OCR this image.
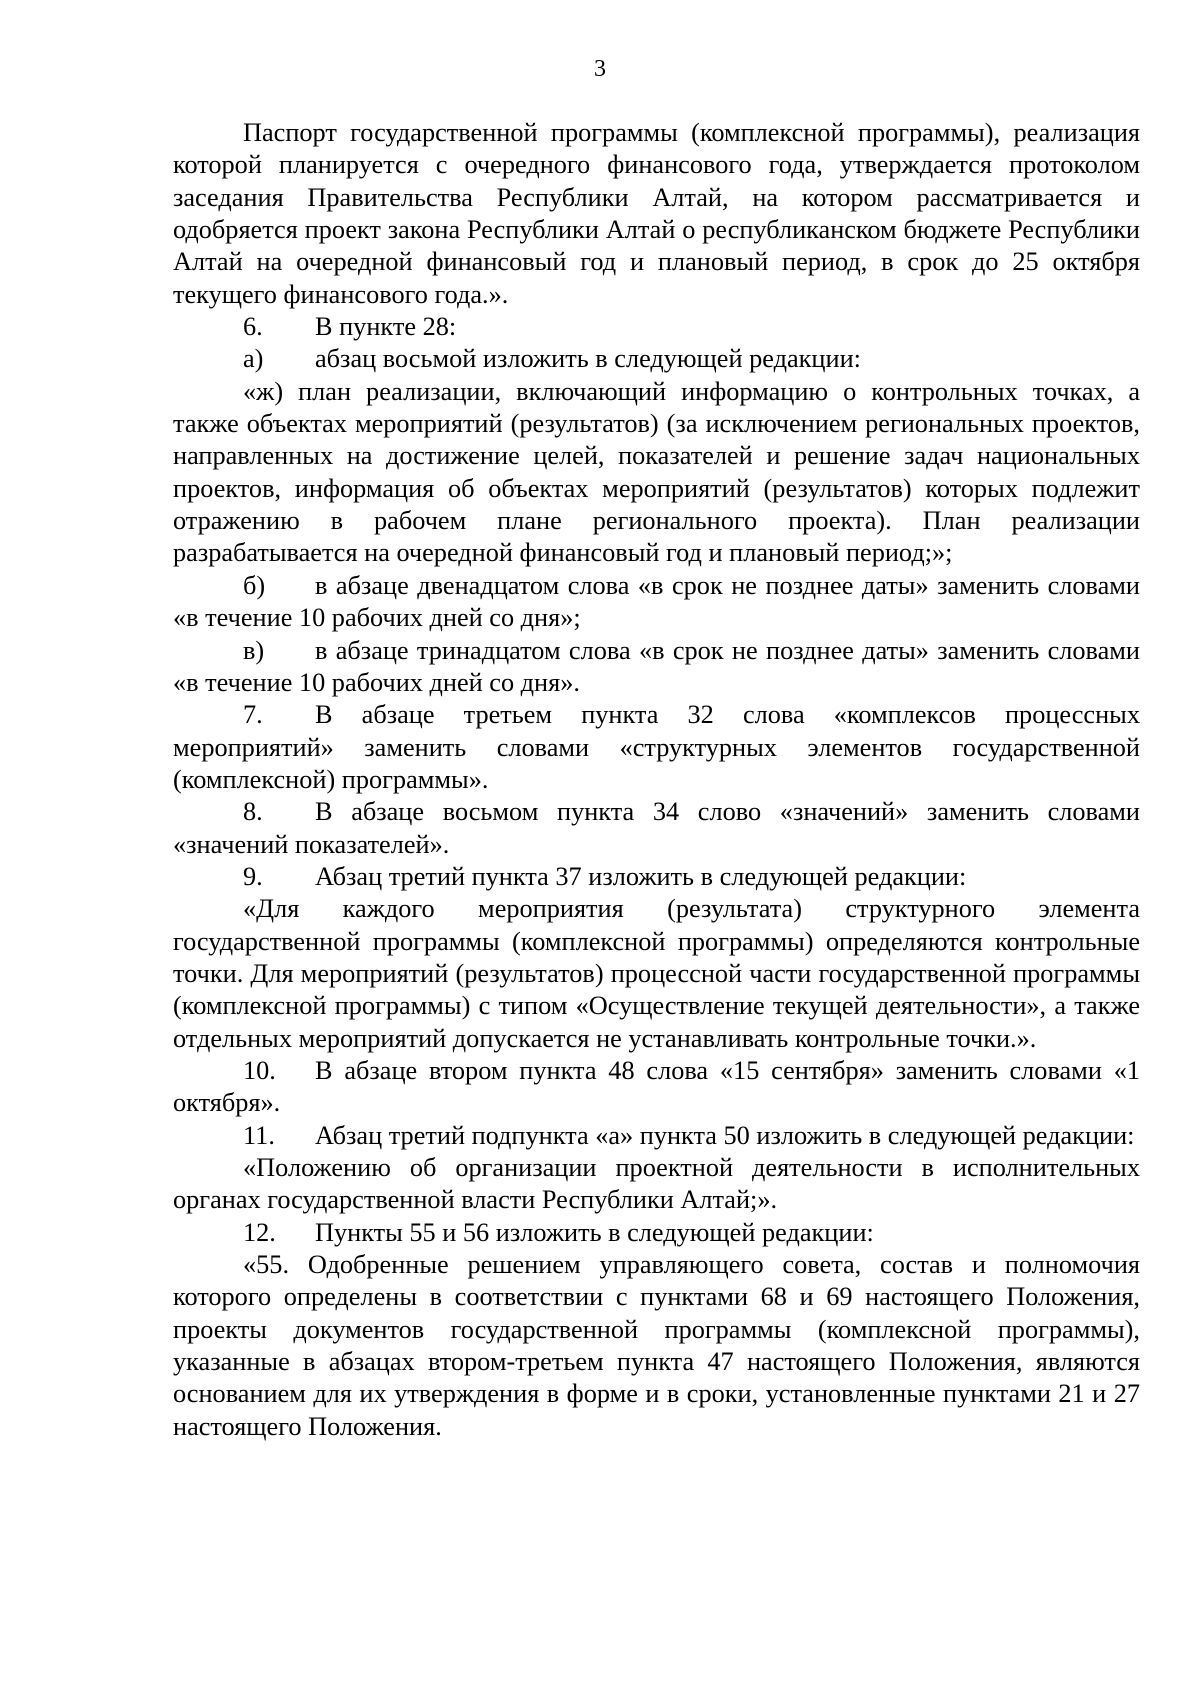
3

Паспорт государственной программы (комплексной программы), реализация которой планируется с очередного финансового года, утверждается протоколом заседания Правительства Республики Алтай, на котором рассматривается и одобряется проект закона Республики Алтай о республиканском бюджете Республики Алтай на очередной финансовый год и плановый период, в срок до 25 октября текущего финансового года.».

6. В пункте 28:

а) абзац восьмой изложить в следующей редакции:

«ж) план реализации, включающий информацию о контрольных точках, а также объектах мероприятий (результатов) (за исключением региональных проектов, направленных на достижение целей, показателей и решение задач национальных проектов, информация об объектах мероприятий (результатов) которых подлежит отражению в рабочем плане регионального проекта). План реализации разрабатывается на очередной финансовый год и плановый период;»;

б) в абзаце двенадцатом слова «в срок не позднее даты» заменить словами «в течение 10 рабочих дней со дня»;

в) в абзаце тринадцатом слова «в срок не позднее даты» заменить словами «в течение 10 рабочих дней со дня».

7. В абзаце третьем пункта 32 слова «комплексов процессных мероприятий» заменить словами «структурных элементов государственной (комплексной) программы».

8. В абзаце восьмом пункта 34 слово «значений» заменить словами «значений показателей».

9. Абзац третий пункта 37 изложить в следующей редакции:

«Для каждого мероприятия (результата) структурного элемента государственной программы (комплексной программы) определяются контрольные точки. Для мероприятий (результатов) процессной части государственной программы (комплексной программы) с типом «Осуществление текущей деятельности», а также отдельных мероприятий допускается не устанавливать контрольные точки.».

10. В абзаце втором пункта 48 слова «15 сентября» заменить словами «1 октября».

11. Абзац третий подпункта «а» пункта 50 изложить в следующей редакции:

«Положению об организации проектной деятельности в исполнительных органах государственной власти Республики Алтай;».

12. Пункты 55 и 56 изложить в следующей редакции:

«55. Одобренные решением управляющего совета, состав и полномочия которого определены в соответствии с пунктами 68 и 69 настоящего Положения, проекты документов государственной программы (комплексной программы), указанные в абзацах втором-третьем пункта 47 настоящего Положения, являются основанием для их утверждения в форме и в сроки, установленные пунктами 21 и 27 настоящего Положения.
